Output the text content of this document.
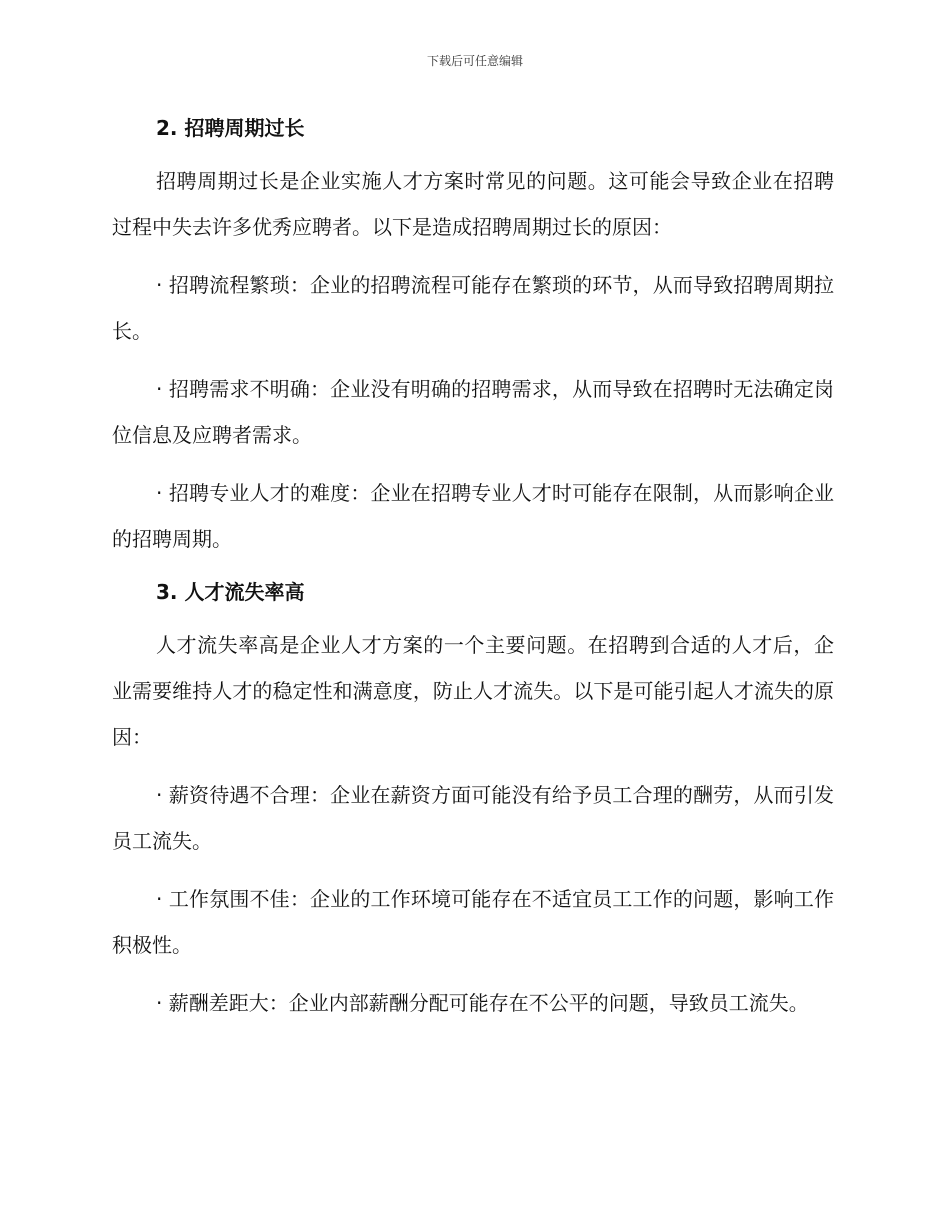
下载后可任意编辑
2. 招聘周期过长

招聘周期过长是企业实施人才方案时常见的问题。这可能会导致企业在招聘过程中失去许多优秀应聘者。以下是造成招聘周期过长的原因：

· 招聘流程繁琐：企业的招聘流程可能存在繁琐的环节，从而导致招聘周期拉长。

· 招聘需求不明确：企业没有明确的招聘需求，从而导致在招聘时无法确定岗位信息及应聘者需求。

· 招聘专业人才的难度：企业在招聘专业人才时可能存在限制，从而影响企业的招聘周期。

3. 人才流失率高

人才流失率高是企业人才方案的一个主要问题。在招聘到合适的人才后，企业需要维持人才的稳定性和满意度，防止人才流失。以下是可能引起人才流失的原因：

· 薪资待遇不合理：企业在薪资方面可能没有给予员工合理的酬劳，从而引发员工流失。

· 工作氛围不佳：企业的工作环境可能存在不适宜员工工作的问题，影响工作积极性。

· 薪酬差距大：企业内部薪酬分配可能存在不公平的问题，导致员工流失。
